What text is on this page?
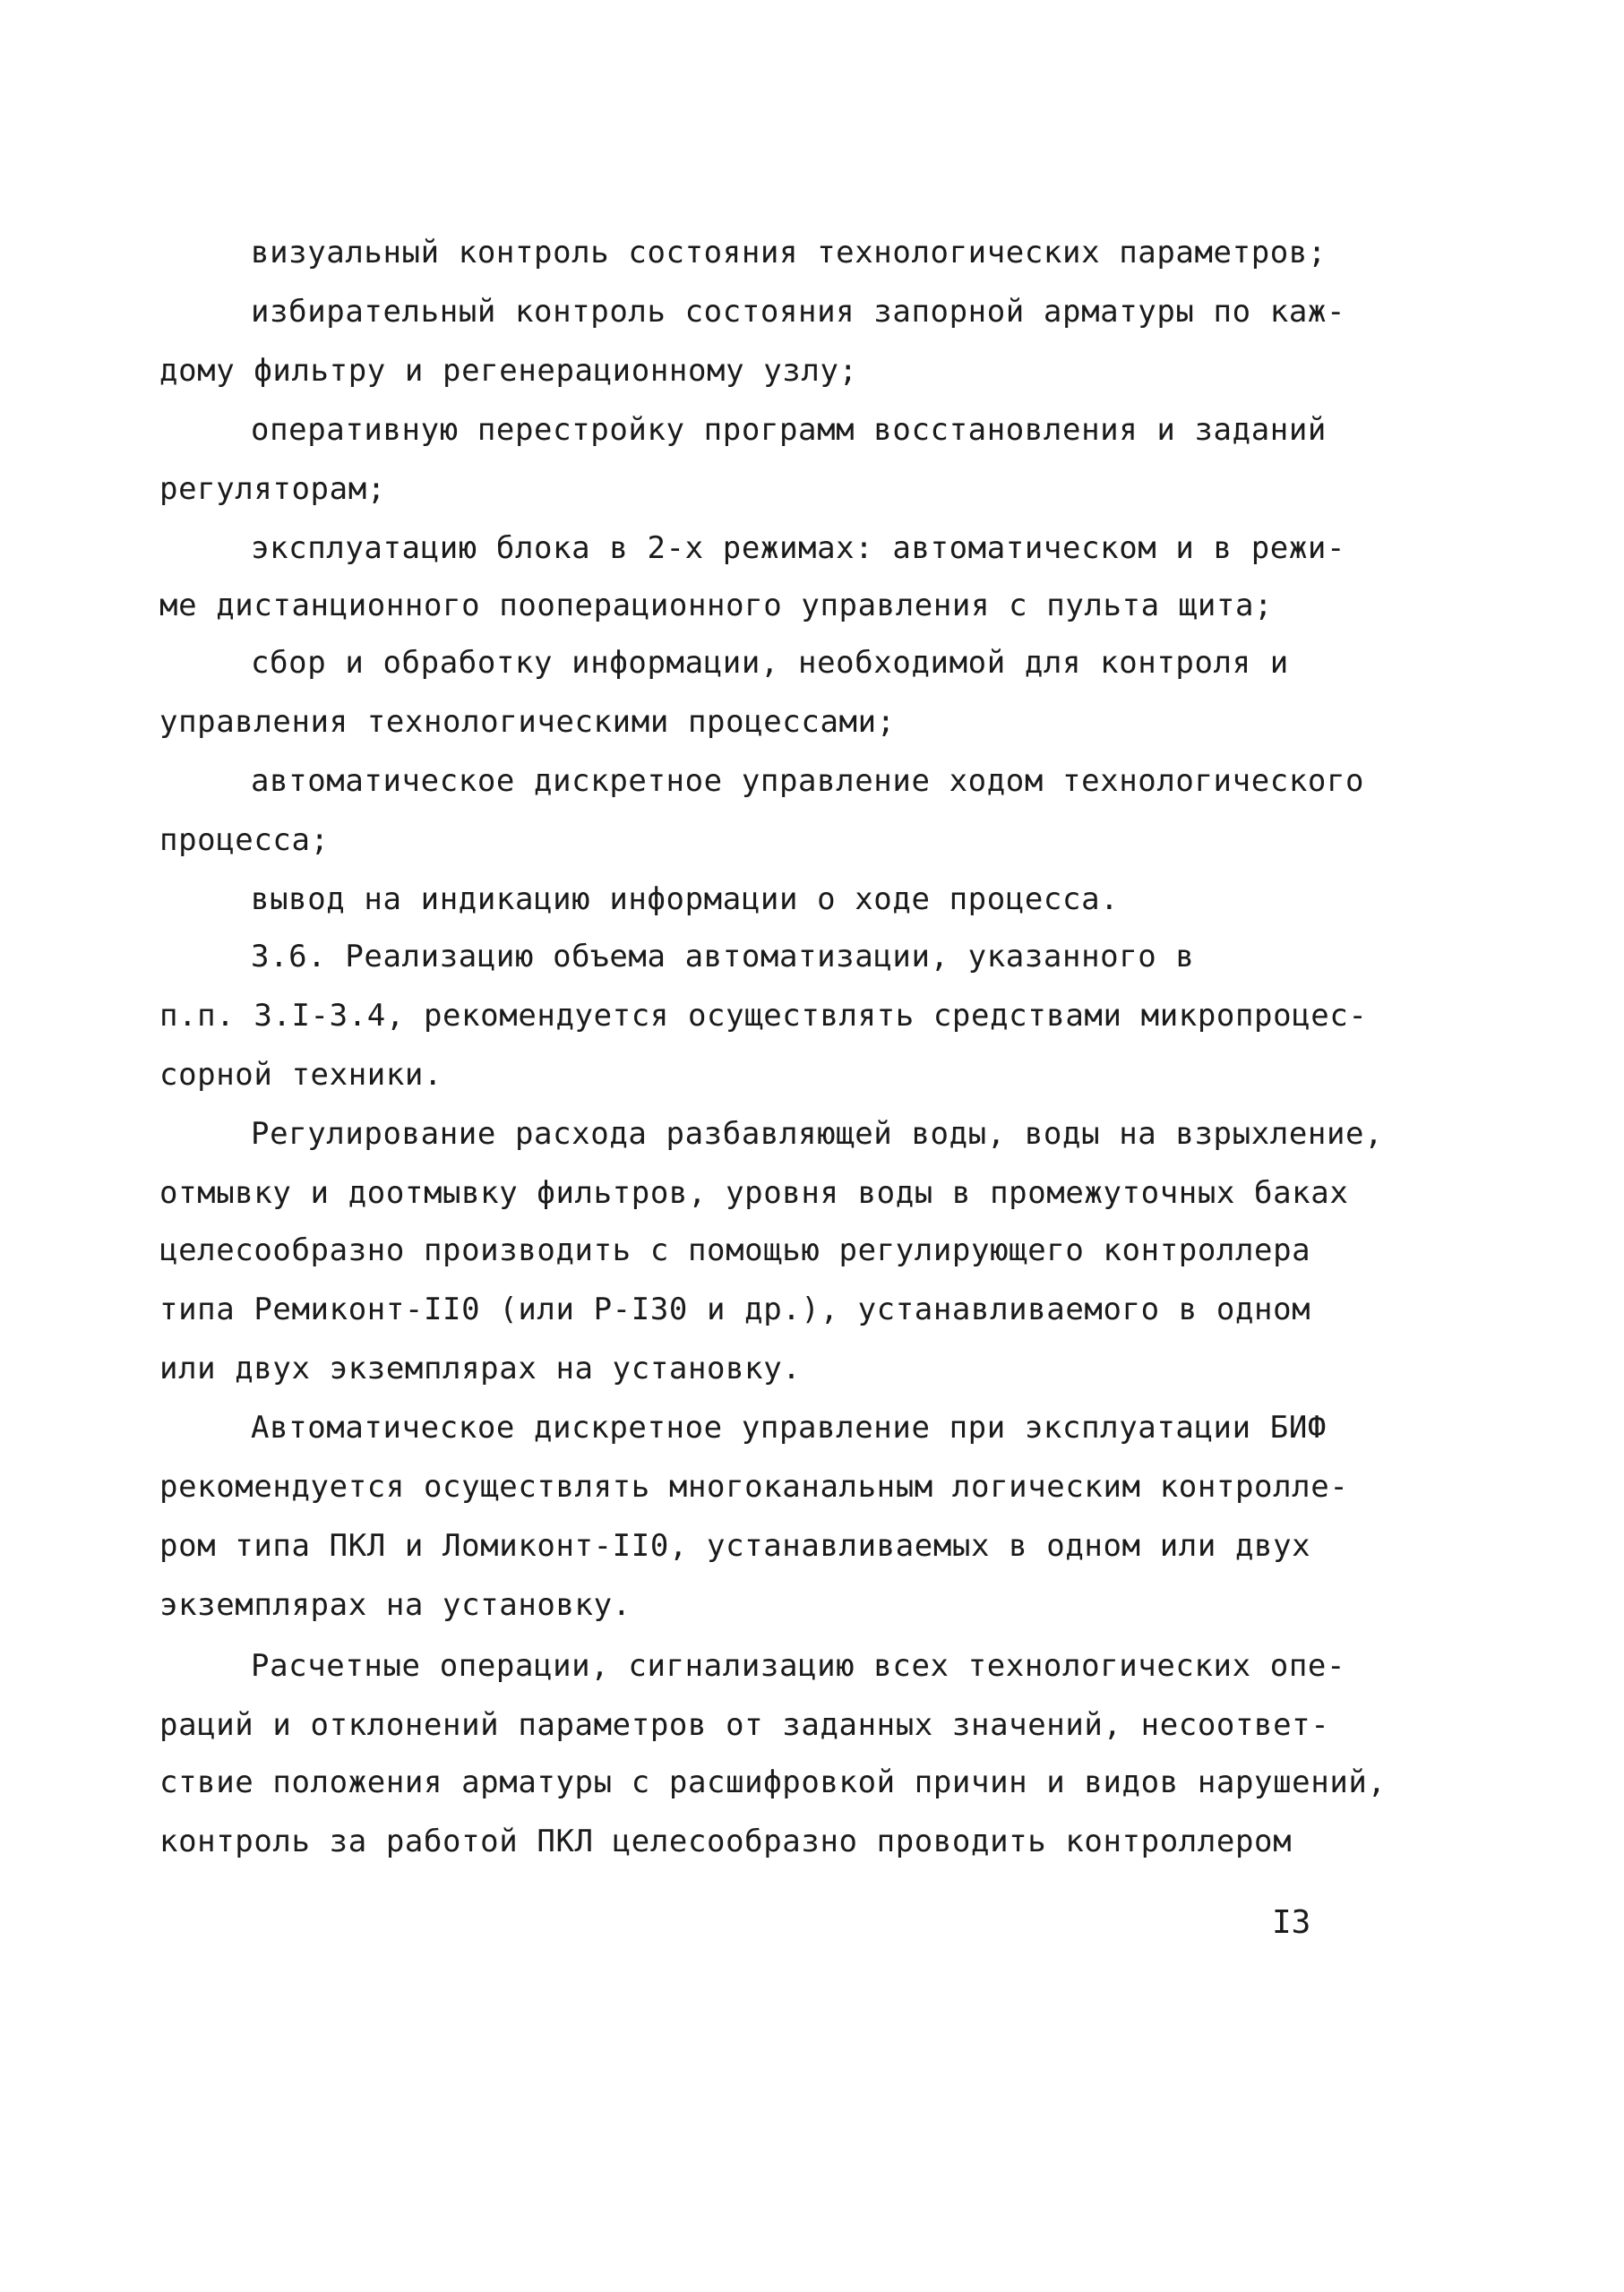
визуальный контроль состояния технологических параметров;
избирательный контроль состояния запорной арматуры по каж-
дому фильтру и регенерационному узлу;
оперативную перестройку программ восстановления и заданий
регуляторам;
эксплуатацию блока в 2-х режимах: автоматическом и в режи-
ме дистанционного пооперационного управления с пульта щита;
сбор и обработку информации, необходимой для контроля и
управления технологическими процессами;
автоматическое дискретное управление ходом технологического
процесса;
вывод на индикацию информации о ходе процесса.
3.6. Реализацию объема автоматизации, указанного в
п.п. 3.I-3.4, рекомендуется осуществлять средствами микропроцес-
сорной техники.
Регулирование расхода разбавляющей воды, воды на взрыхление,
отмывку и доотмывку фильтров, уровня воды в промежуточных баках
целесообразно производить с помощью регулирующего контроллера
типа Ремиконт-II0 (или Р-I30 и др.), устанавливаемого в одном
или двух экземплярах на установку.
Автоматическое дискретное управление при эксплуатации БИФ
рекомендуется осуществлять многоканальным логическим контролле-
ром типа ПКЛ и Ломиконт-II0, устанавливаемых в одном или двух
экземплярах на установку.
Расчетные операции, сигнализацию всех технологических опе-
раций и отклонений параметров от заданных значений, несоответ-
ствие положения арматуры с расшифровкой причин и видов нарушений,
контроль за работой ПКЛ целесообразно проводить контроллером
I3
